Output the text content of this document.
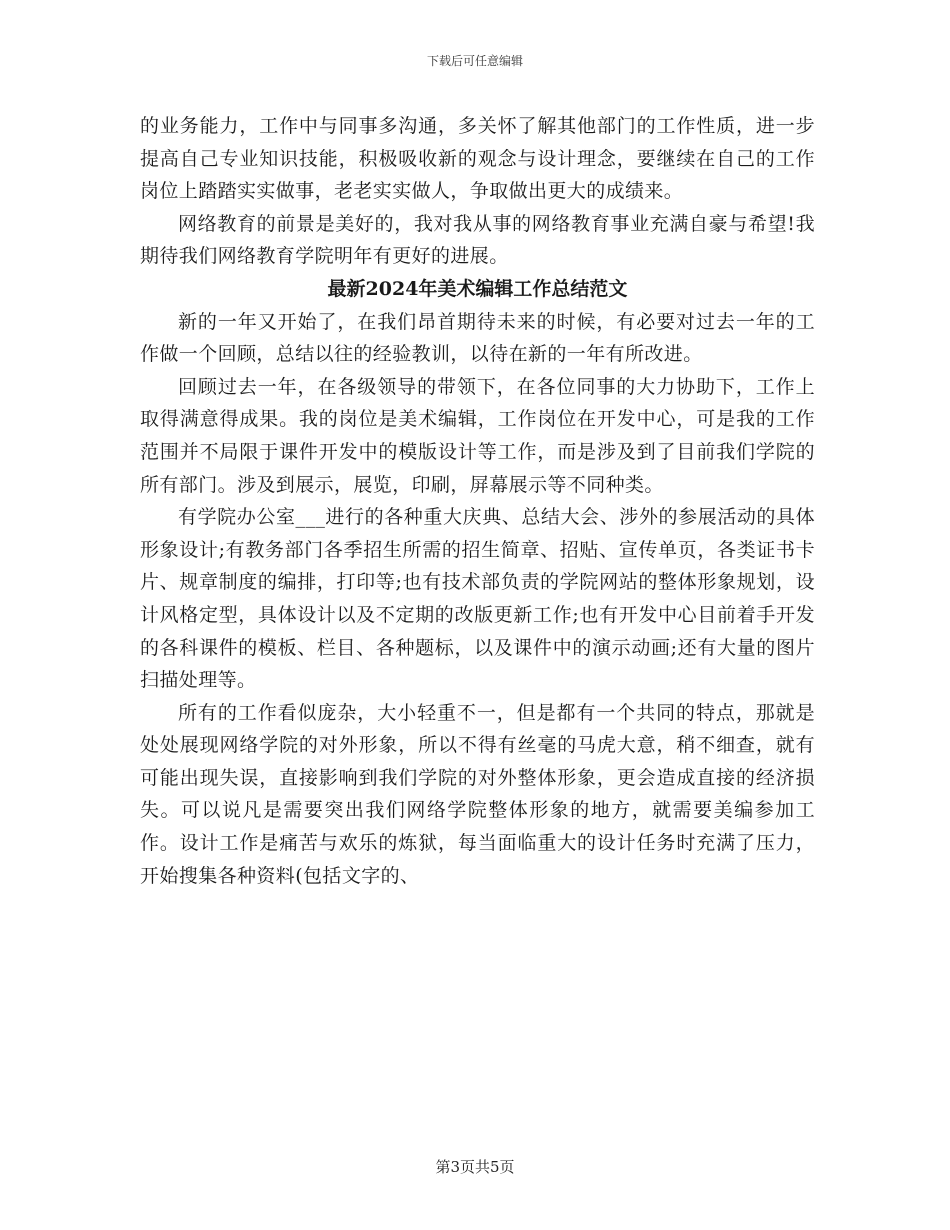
下载后可任意编辑

的业务能力，工作中与同事多沟通，多关怀了解其他部门的工作性质，进一步提高自己专业知识技能，积极吸收新的观念与设计理念，要继续在自己的工作岗位上踏踏实实做事，老老实实做人，争取做出更大的成绩来。

网络教育的前景是美好的，我对我从事的网络教育事业充满自豪与希望!我期待我们网络教育学院明年有更好的进展。

最新2024年美术编辑工作总结范文

新的一年又开始了，在我们昂首期待未来的时候，有必要对过去一年的工作做一个回顾，总结以往的经验教训，以待在新的一年有所改进。

回顾过去一年，在各级领导的带领下，在各位同事的大力协助下，工作上取得满意得成果。我的岗位是美术编辑，工作岗位在开发中心，可是我的工作范围并不局限于课件开发中的模版设计等工作，而是涉及到了目前我们学院的所有部门。涉及到展示，展览，印刷，屏幕展示等不同种类。

有学院办公室___进行的各种重大庆典、总结大会、涉外的参展活动的具体形象设计;有教务部门各季招生所需的招生简章、招贴、宣传单页，各类证书卡片、规章制度的编排，打印等;也有技术部负责的学院网站的整体形象规划，设计风格定型，具体设计以及不定期的改版更新工作;也有开发中心目前着手开发的各科课件的模板、栏目、各种题标，以及课件中的演示动画;还有大量的图片扫描处理等。

所有的工作看似庞杂，大小轻重不一，但是都有一个共同的特点，那就是处处展现网络学院的对外形象，所以不得有丝毫的马虎大意，稍不细查，就有可能出现失误，直接影响到我们学院的对外整体形象，更会造成直接的经济损失。可以说凡是需要突出我们网络学院整体形象的地方，就需要美编参加工作。设计工作是痛苦与欢乐的炼狱，每当面临重大的设计任务时充满了压力，开始搜集各种资料(包括文字的、

第3页共5页
